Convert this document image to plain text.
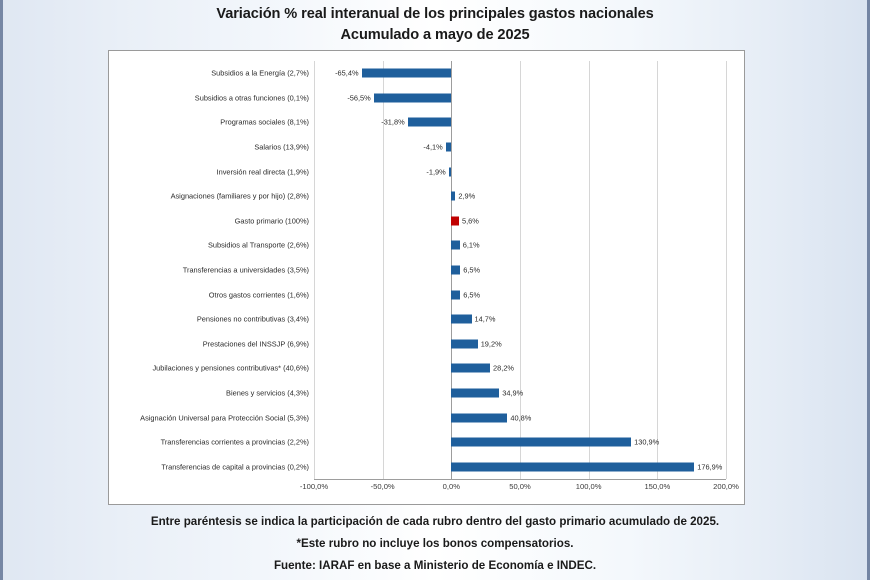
Variación % real interanual de los principales gastos nacionales
Acumulado a mayo de 2025
-100,0%	-50,0%	0,0%	50,0%	100,0%	150,0%	200,0%
Subsidios a la Energía (2,7%)	-65,4%
Subsidios a otras funciones (0,1%)	-56,5%
Programas sociales (8,1%)	-31,8%
Salarios (13,9%)	-4,1%
Inversión real directa (1,9%)	-1,9%
Asignaciones (familiares y por hijo) (2,8%)	2,9%
Gasto primario (100%)	5,6%
Subsidios al Transporte (2,6%)	6,1%
Transferencias a universidades (3,5%)	6,5%
Otros gastos corrientes (1,6%)	6,5%
Pensiones no contributivas (3,4%)	14,7%
Prestaciones del INSSJP (6,9%)	19,2%
Jubilaciones y pensiones contributivas* (40,6%)	28,2%
Bienes y servicios (4,3%)	34,9%
Asignación Universal para Protección Social (5,3%)	40,8%
Transferencias corrientes a provincias (2,2%)	130,9%
Transferencias de capital a provincias (0,2%)	176,9%
Entre paréntesis se indica la participación de cada rubro dentro del gasto primario acumulado de 2025.
*Este rubro no incluye los bonos compensatorios.
Fuente: IARAF en base a Ministerio de Economía e INDEC.
